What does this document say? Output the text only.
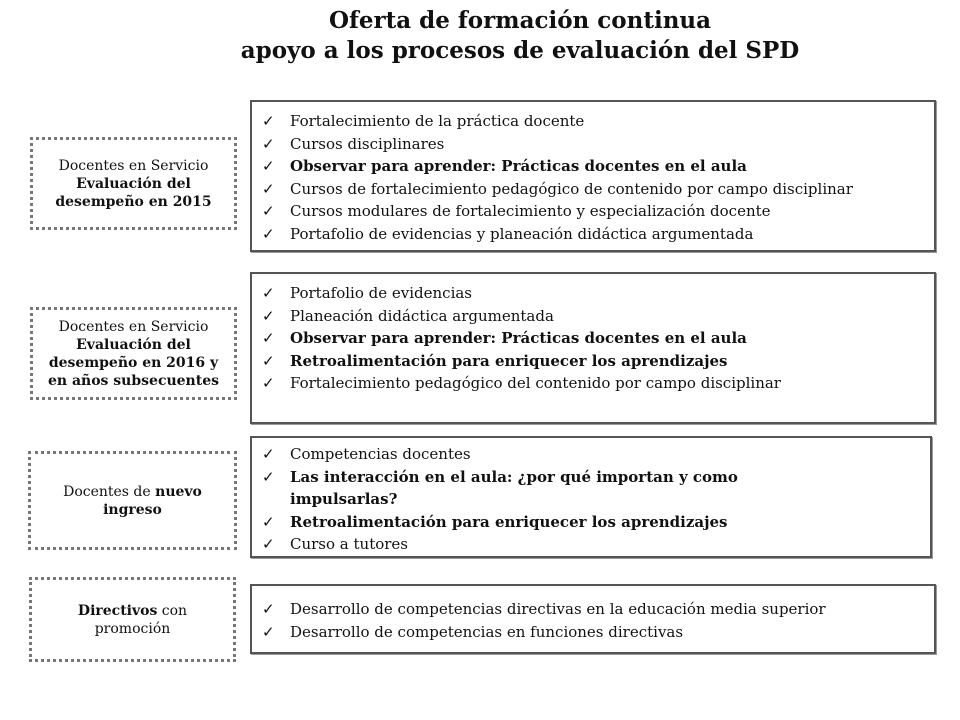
Oferta de formación continua
apoyo a los procesos de evaluación del SPD
Docentes en Servicio
Evaluación del desempeño en 2015
✓	Fortalecimiento de la práctica docente
✓	Cursos disciplinares
✓	Observar para aprender: Prácticas docentes en el aula
✓	Cursos de fortalecimiento pedagógico de contenido por campo disciplinar
✓	Cursos modulares de fortalecimiento y especialización docente
✓	Portafolio de evidencias y planeación didáctica argumentada
Docentes en Servicio
Evaluación del desempeño en 2016 y en años subsecuentes
✓	Portafolio de evidencias
✓	Planeación didáctica argumentada
✓	Observar para aprender: Prácticas docentes en el aula
✓	Retroalimentación para enriquecer los aprendizajes
✓	Fortalecimiento pedagógico del contenido por campo disciplinar
Docentes de nuevo ingreso
✓	Competencias docentes
✓	Las interacción en el aula: ¿por qué importan y como impulsarlas?
✓	Retroalimentación para enriquecer los aprendizajes
✓	Curso a tutores
Directivos con promoción
✓	Desarrollo de competencias directivas en la educación media superior
✓	Desarrollo de competencias en funciones directivas
